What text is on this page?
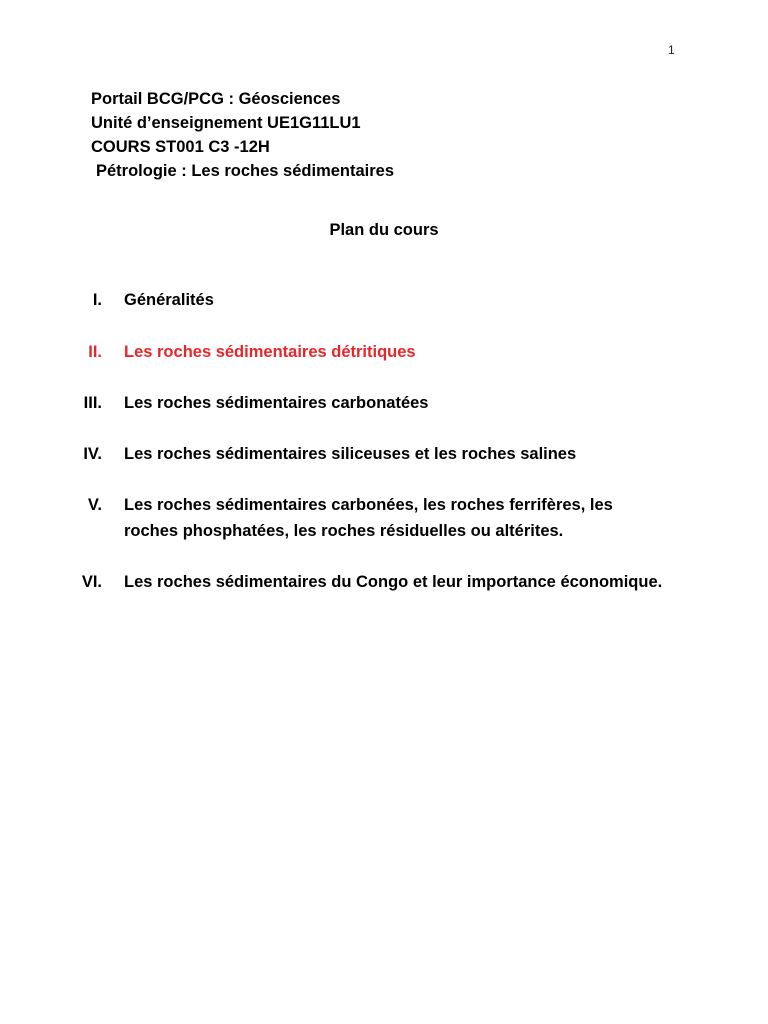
1
Portail BCG/PCG : Géosciences
Unité d’enseignement UE1G11LU1
COURS ST001 C3 -12H
Pétrologie : Les roches sédimentaires
Plan du cours
I. Généralités
II. Les roches sédimentaires détritiques
III. Les roches sédimentaires carbonatées
IV. Les roches sédimentaires siliceuses et les roches salines
V. Les roches sédimentaires carbonées, les roches ferrifères, les roches phosphatées, les roches résiduelles ou altérites.
VI. Les roches sédimentaires du Congo et leur importance économique.
